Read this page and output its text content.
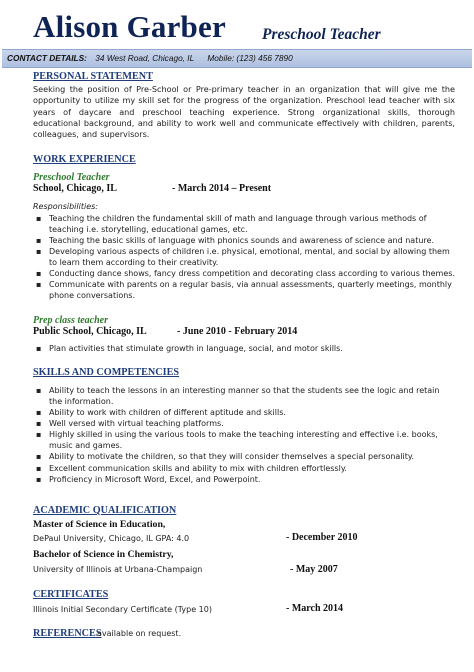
Alison Garber Preschool Teacher
CONTACT DETAILS: 34 West Road, Chicago, IL Mobile: (123) 456 7890
PERSONAL STATEMENT
Seeking the position of Pre-School or Pre-primary teacher in an organization that will give me the opportunity to utilize my skill set for the progress of the organization. Preschool lead teacher with six years of daycare and preschool teaching experience. Strong organizational skills, thorough educational background, and ability to work well and communicate effectively with children, parents, colleagues, and supervisors.
WORK EXPERIENCE
Preschool Teacher
School, Chicago, IL	- March 2014 – Present
Responsibilities:
▪ Teaching the children the fundamental skill of math and language through various methods of teaching i.e. storytelling, educational games, etc.
▪ Teaching the basic skills of language with phonics sounds and awareness of science and nature.
▪ Developing various aspects of children i.e. physical, emotional, mental, and social by allowing them to learn them according to their creativity.
▪ Conducting dance shows, fancy dress competition and decorating class according to various themes.
▪ Communicate with parents on a regular basis, via annual assessments, quarterly meetings, monthly phone conversations.
Prep class teacher
Public School, Chicago, IL	- June 2010 - February 2014
▪ Plan activities that stimulate growth in language, social, and motor skills.
SKILLS AND COMPETENCIES
▪ Ability to teach the lessons in an interesting manner so that the students see the logic and retain the information.
▪ Ability to work with children of different aptitude and skills.
▪ Well versed with virtual teaching platforms.
▪ Highly skilled in using the various tools to make the teaching interesting and effective i.e. books, music and games.
▪ Ability to motivate the children, so that they will consider themselves a special personality.
▪ Excellent communication skills and ability to mix with children effortlessly.
▪ Proficiency in Microsoft Word, Excel, and Powerpoint.
ACADEMIC QUALIFICATION
Master of Science in Education,
DePaul University, Chicago, IL GPA: 4.0	- December 2010
Bachelor of Science in Chemistry,
University of Illinois at Urbana-Champaign	- May 2007
CERTIFICATES
Illinois Initial Secondary Certificate (Type 10)	- March 2014
REFERENCES
available on request.
